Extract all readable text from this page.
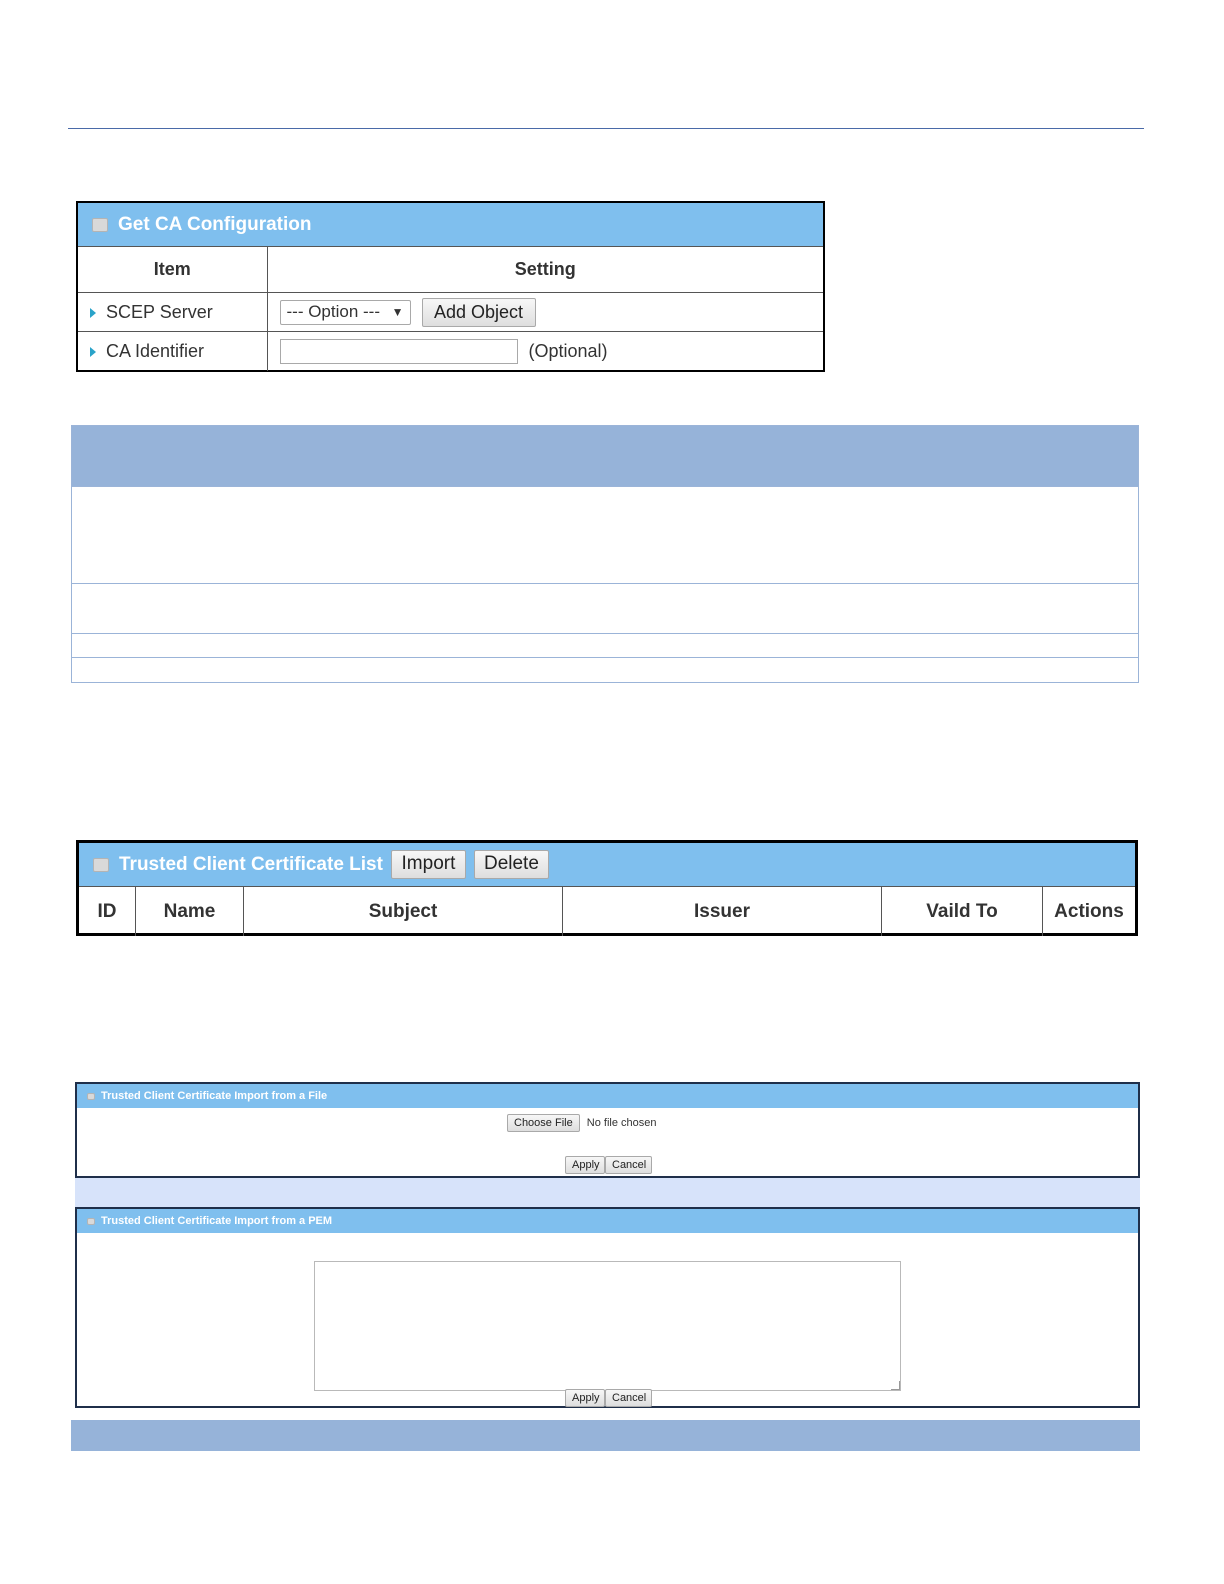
Get CA Configuration
Item	Setting
SCEP Server	--- Option --- ▼ Add Object
CA Identifier	(Optional)
Trusted Client Certificate List Import	Delete
ID	Name	Subject	Issuer	Vaild To	Actions
Trusted Client Certificate Import from a File
Choose File No file chosen
Apply Cancel
Trusted Client Certificate Import from a PEM
Apply Cancel
